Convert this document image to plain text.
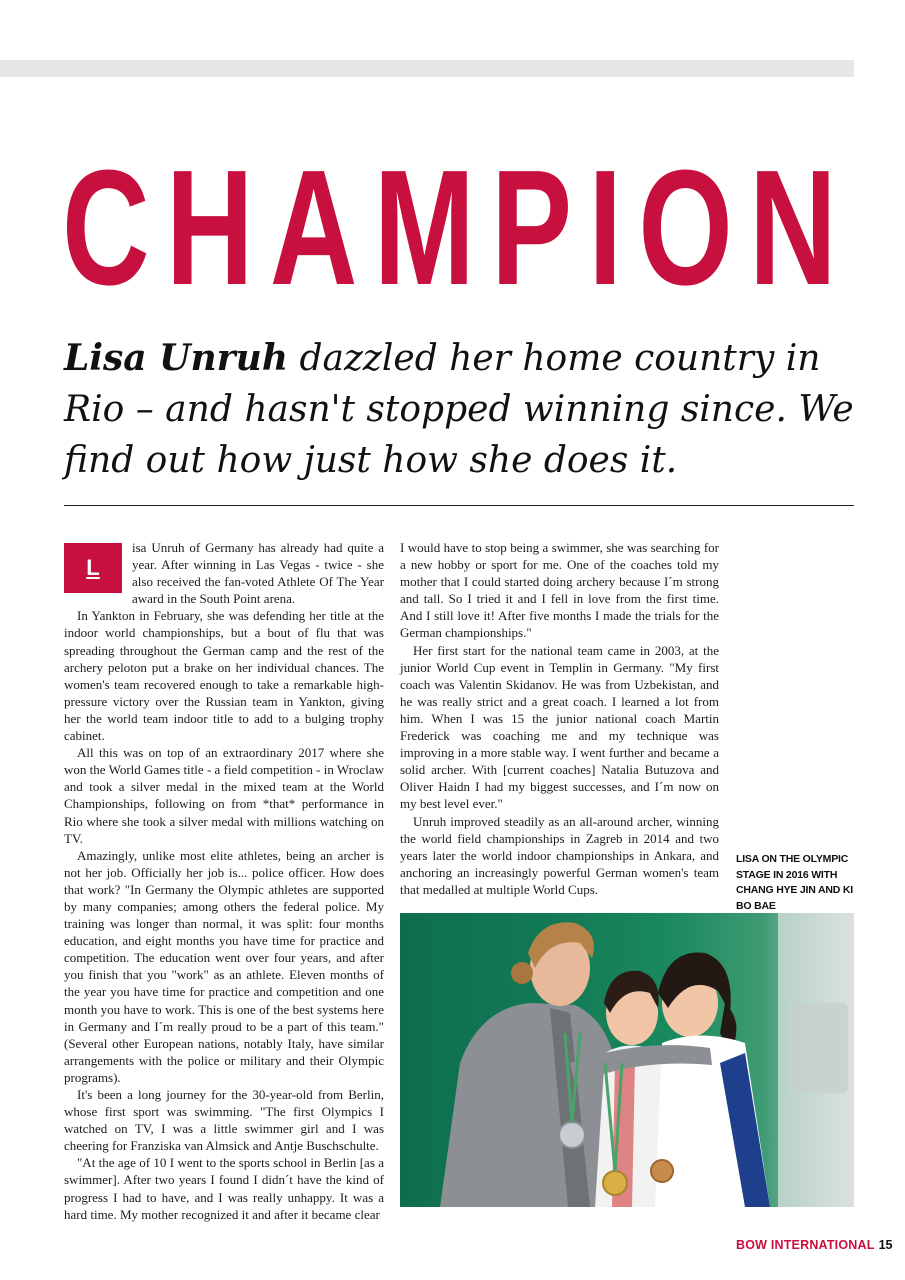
CHAMPION
Lisa Unruh dazzled her home country in Rio – and hasn't stopped winning since. We find out how just how she does it.
L

isa Unruh of Germany has already had quite a year. After winning in Las Vegas - twice - she also received the fan-voted Athlete Of The Year award in the South Point arena.

In Yankton in February, she was defending her title at the indoor world championships, but a bout of flu that was spreading throughout the German camp and the rest of the archery peloton put a brake on her individual chances. The women's team recovered enough to take a remarkable high-pressure victory over the Russian team in Yankton, giving her the world team indoor title to add to a bulging trophy cabinet.

All this was on top of an extraordinary 2017 where she won the World Games title - a field competition - in Wroclaw and took a silver medal in the mixed team at the World Championships, following on from *that* performance in Rio where she took a silver medal with millions watching on TV.

Amazingly, unlike most elite athletes, being an archer is not her job. Officially her job is... police officer. How does that work? "In Germany the Olympic athletes are supported by many companies; among others the federal police. My training was longer than normal, it was split: four months education, and eight months you have time for practice and competition. The education went over four years, and after you finish that you "work" as an athlete. Eleven months of the year you have time for practice and competition and one month you have to work. This is one of the best systems here in Germany and I´m really proud to be a part of this team." (Several other European nations, notably Italy, have similar arrangements with the police or military and their Olympic programs).

It's been a long journey for the 30-year-old from Berlin, whose first sport was swimming. "The first Olympics I watched on TV, I was a little swimmer girl and I was cheering for Franziska van Almsick and Antje Buschschulte.

"At the age of 10 I went to the sports school in Berlin [as a swimmer]. After two years I found I didn´t have the kind of progress I had to have, and I was really unhappy. It was a hard time. My mother recognized it and after it became clear

I would have to stop being a swimmer, she was searching for a new hobby or sport for me. One of the coaches told my mother that I could started doing archery because I´m strong and tall. So I tried it and I fell in love from the first time. And I still love it! After five months I made the trials for the German championships."

Her first start for the national team came in 2003, at the junior World Cup event in Templin in Germany. "My first coach was Valentin Skidanov. He was from Uzbekistan, and he was really strict and a great coach. I learned a lot from him. When I was 15 the junior national coach Martin Frederick was coaching me and my technique was improving in a more stable way. I went further and became a solid archer. With [current coaches] Natalia Butuzova and Oliver Haidn I had my biggest successes, and I´m now on my best level ever."

Unruh improved steadily as an all-around archer, winning the world field championships in Zagreb in 2014 and two years later the world indoor championships in Ankara, and anchoring an increasingly powerful German women's team that medalled at multiple World Cups.

LISA ON THE OLYMPIC STAGE IN 2016 WITH CHANG HYE JIN AND KI BO BAE
BOW INTERNATIONAL 15
